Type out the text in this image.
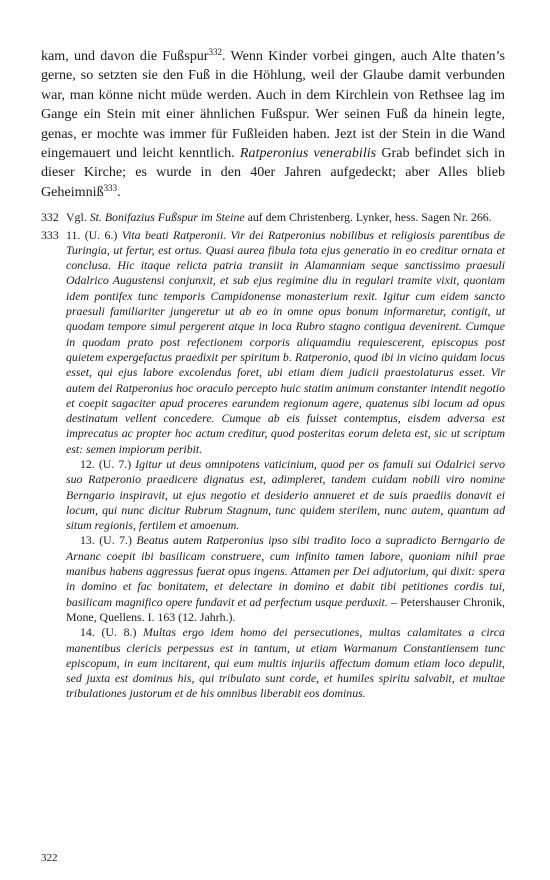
kam, und davon die Fußspur$^{332}$. Wenn Kinder vorbei gingen, auch Alte thaten’s gerne, so setzten sie den Fuß in die Höhlung, weil der Glaube damit verbunden war, man könne nicht müde werden. Auch in dem Kirchlein von Rethsee lag im Gange ein Stein mit einer ähnlichen Fußspur. Wer seinen Fuß da hinein legte, genas, er mochte was immer für Fußleiden haben. Jezt ist der Stein in die Wand eingemauert und leicht kenntlich. Ratperonius venerabilis Grab befindet sich in dieser Kirche; es wurde in den 40er Jahren aufgedeckt; aber Alles blieb Geheimniß$^{333}$.

332 Vgl. St. Bonifazius Fußspur im Steine auf dem Christenberg. Lynker, hess. Sagen Nr. 266.

333 11. (U. 6.) Vita beati Ratperonii. Vir dei Ratperonius nobilibus et religiosis parentibus de Turingia, ut fertur, est ortus. Quasi aurea fibula tota ejus generatio in eo creditur ornata et conclusa. Hic itaque relicta patria transiit in Alamanniam seque sanctissimo praesuli Odalrico Augustensi conjunxit, et sub ejus regimine diu in regulari tramite vixit, quoniam idem pontifex tunc temporis Campidonense monasterium rexit. Igitur cum eidem sancto praesuli familiariter jungeretur ut ab eo in omne opus bonum informaretur, contigit, ut quodam tempore simul pergerent atque in loca Rubro stagno contigua devenirent. Cumque in quodam prato post refectionem corporis aliquamdiu requiescerent, episcopus post quietem expergefactus praedixit per spiritum b. Ratperonio, quod ibi in vicino quidam locus esset, qui ejus labore excolendus foret, ubi etiam diem judicii praestolaturus esset. Vir autem dei Ratperonius hoc oraculo percepto huic statim animum constanter intendit negotio et coepit sagaciter apud proceres earundem regionum agere, quatenus sibi locum ad opus destinatum vellent concedere. Cumque ab eis fuisset contemptus, eisdem adversa est imprecatus ac propter hoc actum creditur, quod posteritas eorum deleta est, sic ut scriptum est: semen impiorum peribit.

12. (U. 7.) Igitur ut deus omnipotens vaticinium, quod per os famuli sui Odalrici servo suo Ratperonio praedicere dignatus est, adimpleret, tandem cuidam nobili viro nomine Berngario inspiravit, ut ejus negotio et desiderio annueret et de suis praediis donavit ei locum, qui nunc dicitur Rubrum Stagnum, tunc quidem sterilem, nunc autem, quantum ad situm regionis, fertilem et amoenum.

13. (U. 7.) Beatus autem Ratperonius ipso sibi tradito loco a supradicto Berngario de Arnanc coepit ibi basilicam construere, cum infinito tamen labore, quoniam nihil prae manibus habens aggressus fuerat opus ingens. Attamen per Dei adjutorium, qui dixit: spera in domino et fac bonitatem, et delectare in domino et dabit tibi petitiones cordis tui, basilicam magnifico opere fundavit et ad perfectum usque perduxit. – Petershauser Chronik, Mone, Quellens. I. 163 (12. Jahrh.).

14. (U. 8.) Multas ergo idem homo dei persecutiones, multas calamitates a circa manentibus clericis perpessus est in tantum, ut etiam Warmanum Constantiensem tunc episcopum, in eum incitarent, qui eum multis injuriis affectum domum etiam loco depulit, sed juxta est dominus his, qui tribulato sunt corde, et humiles spiritu salvabit, et multae tribulationes justorum et de his omnibus liberabit eos dominus.

322
